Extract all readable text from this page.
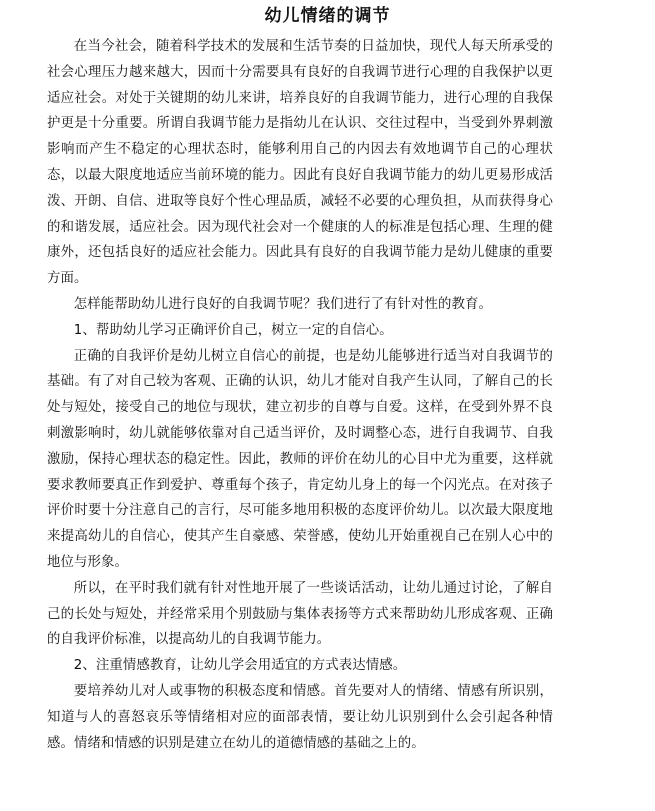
幼儿情绪的调节

在当今社会，随着科学技术的发展和生活节奏的日益加快，现代人每天所承受的社会心理压力越来越大，因而十分需要具有良好的自我调节进行心理的自我保护以更适应社会。对处于关键期的幼儿来讲，培养良好的自我调节能力，进行心理的自我保护更是十分重要。所谓自我调节能力是指幼儿在认识、交往过程中，当受到外界刺激影响而产生不稳定的心理状态时，能够利用自己的内因去有效地调节自己的心理状态，以最大限度地适应当前环境的能力。因此有良好自我调节能力的幼儿更易形成活泼、开朗、自信、进取等良好个性心理品质，减轻不必要的心理负担，从而获得身心的和谐发展，适应社会。因为现代社会对一个健康的人的标准是包括心理、生理的健康外，还包括良好的适应社会能力。因此具有良好的自我调节能力是幼儿健康的重要方面。

怎样能帮助幼儿进行良好的自我调节呢？我们进行了有针对性的教育。

1、帮助幼儿学习正确评价自己，树立一定的自信心。

正确的自我评价是幼儿树立自信心的前提，也是幼儿能够进行适当对自我调节的基础。有了对自己较为客观、正确的认识，幼儿才能对自我产生认同，了解自己的长处与短处，接受自己的地位与现状，建立初步的自尊与自爱。这样，在受到外界不良刺激影响时，幼儿就能够依靠对自己适当评价，及时调整心态，进行自我调节、自我激励，保持心理状态的稳定性。因此，教师的评价在幼儿的心目中尤为重要，这样就要求教师要真正作到爱护、尊重每个孩子，肯定幼儿身上的每一个闪光点。在对孩子评价时要十分注意自己的言行，尽可能多地用积极的态度评价幼儿。以次最大限度地来提高幼儿的自信心，使其产生自豪感、荣誉感，使幼儿开始重视自己在别人心中的地位与形象。

所以，在平时我们就有针对性地开展了一些谈话活动，让幼儿通过讨论，了解自己的长处与短处，并经常采用个别鼓励与集体表扬等方式来帮助幼儿形成客观、正确的自我评价标准，以提高幼儿的自我调节能力。

2、注重情感教育，让幼儿学会用适宜的方式表达情感。

要培养幼儿对人或事物的积极态度和情感。首先要对人的情绪、情感有所识别，知道与人的喜怒哀乐等情绪相对应的面部表情，要让幼儿识别到什么会引起各种情感。情绪和情感的识别是建立在幼儿的道德情感的基础之上的。
